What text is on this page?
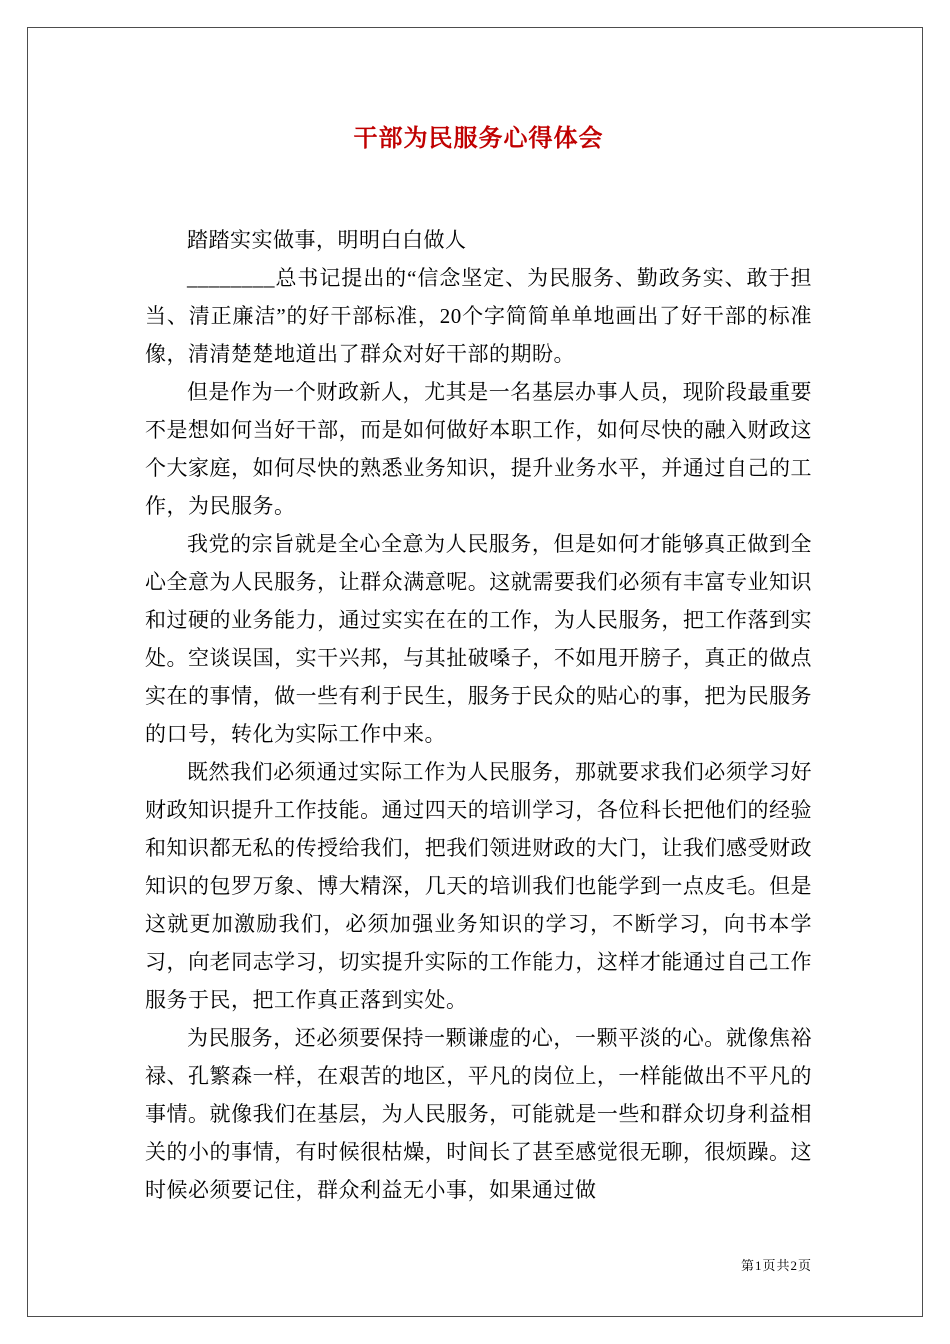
干部为民服务心得体会

踏踏实实做事，明明白白做人

________总书记提出的“信念坚定、为民服务、勤政务实、敢于担当、清正廉洁”的好干部标准，20个字简简单单地画出了好干部的标准像，清清楚楚地道出了群众对好干部的期盼。

但是作为一个财政新人，尤其是一名基层办事人员，现阶段最重要不是想如何当好干部，而是如何做好本职工作，如何尽快的融入财政这个大家庭，如何尽快的熟悉业务知识，提升业务水平，并通过自己的工作，为民服务。

我党的宗旨就是全心全意为人民服务，但是如何才能够真正做到全心全意为人民服务，让群众满意呢。这就需要我们必须有丰富专业知识和过硬的业务能力，通过实实在在的工作，为人民服务，把工作落到实处。空谈误国，实干兴邦，与其扯破嗓子，不如甩开膀子，真正的做点实在的事情，做一些有利于民生，服务于民众的贴心的事，把为民服务的口号，转化为实际工作中来。

既然我们必须通过实际工作为人民服务，那就要求我们必须学习好财政知识提升工作技能。通过四天的培训学习，各位科长把他们的经验和知识都无私的传授给我们，把我们领进财政的大门，让我们感受财政知识的包罗万象、博大精深，几天的培训我们也能学到一点皮毛。但是这就更加激励我们，必须加强业务知识的学习，不断学习，向书本学习，向老同志学习，切实提升实际的工作能力，这样才能通过自己工作服务于民，把工作真正落到实处。

为民服务，还必须要保持一颗谦虚的心，一颗平淡的心。就像焦裕禄、孔繁森一样，在艰苦的地区，平凡的岗位上，一样能做出不平凡的事情。就像我们在基层，为人民服务，可能就是一些和群众切身利益相关的小的事情，有时候很枯燥，时间长了甚至感觉很无聊，很烦躁。这时候必须要记住，群众利益无小事，如果通过做

第1页共2页
